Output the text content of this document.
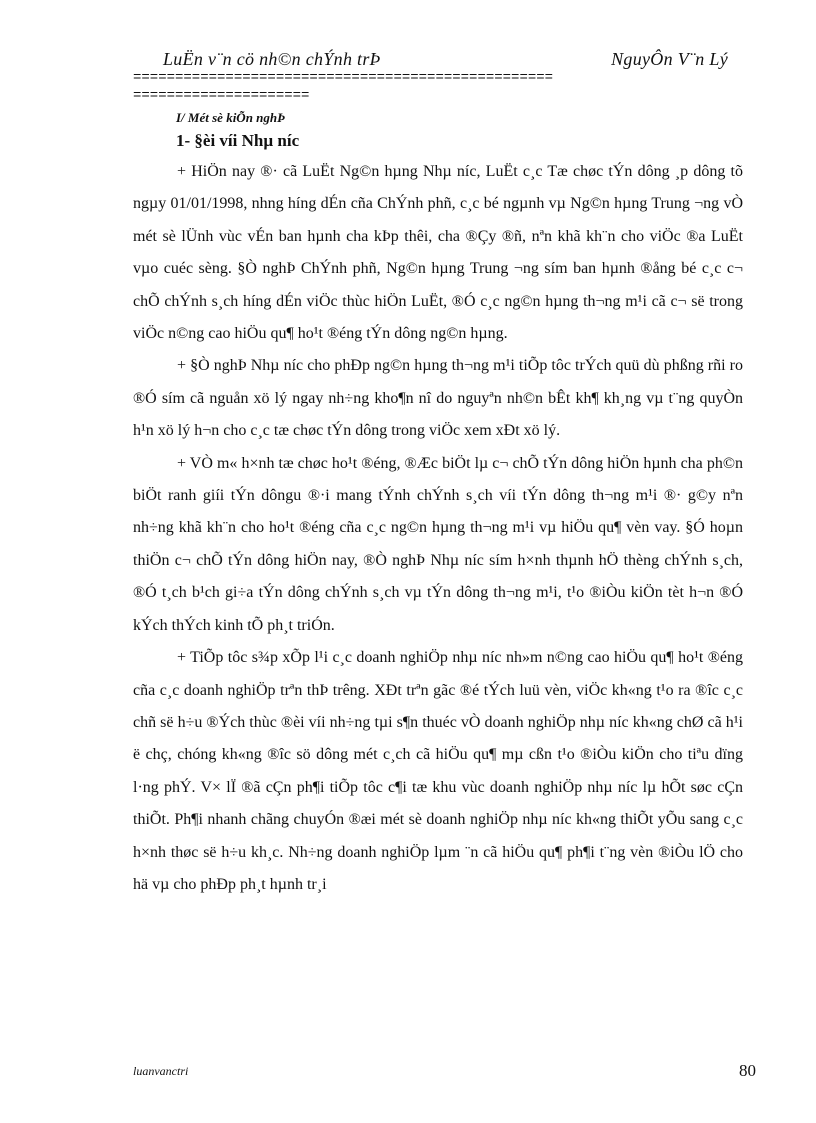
LuËn v¨n cö nh©n chÝnh trÞ	NguyÔn V¨n Lý
==================================================
=====================
I/ Mét sè kiÕn nghÞ
1- §èi víi Nhµ níc

+ HiÖn nay ®· cã LuËt Ng©n hµng Nhµ níc, LuËt c¸c Tæ chøc tÝn dông ¸p dông tõ ngµy 01/01/1998, nhng híng dÉn cña ChÝnh phñ, c¸c bé ngµnh vµ Ng©n hµng Trung ¬ng vÒ mét sè lÜnh vùc vÉn ban hµnh cha kÞp thêi, cha ®Çy ®ñ, nªn khã kh¨n cho viÖc ®a LuËt vµo cuéc sèng. §Ò nghÞ ChÝnh phñ, Ng©n hµng Trung ¬ng sím ban hµnh ®ång bé c¸c c¬ chÕ chÝnh s¸ch híng dÉn viÖc thùc hiÖn LuËt, ®Ó c¸c ng©n hµng th¬ng m¹i cã c¬ së trong viÖc n©ng cao hiÖu qu¶ ho¹t ®éng tÝn dông ng©n hµng.

+ §Ò nghÞ Nhµ níc cho phÐp ng©n hµng th¬ng m¹i tiÕp tôc trÝch quü dù phßng rñi ro ®Ó sím cã nguån xö lý ngay nh÷ng kho¶n nî do nguyªn nh©n bÊt kh¶ kh¸ng vµ t¨ng quyÒn h¹n xö lý h¬n cho c¸c tæ chøc tÝn dông trong viÖc xem xÐt xö lý.

+ VÒ m« h×nh tæ chøc ho¹t ®éng, ®Æc biÖt lµ c¬ chÕ tÝn dông hiÖn hµnh cha ph©n biÖt ranh giíi tÝn dôngu ®·i mang tÝnh chÝnh s¸ch víi tÝn dông th¬ng m¹i ®· g©y nªn nh÷ng khã kh¨n cho ho¹t ®éng cña c¸c ng©n hµng th¬ng m¹i vµ hiÖu qu¶ vèn vay. §Ó hoµn thiÖn c¬ chÕ tÝn dông hiÖn nay, ®Ò nghÞ Nhµ níc sím h×nh thµnh hÖ thèng chÝnh s¸ch, ®Ó t¸ch b¹ch gi÷a tÝn dông chÝnh s¸ch vµ tÝn dông th¬ng m¹i, t¹o ®iÒu kiÖn tèt h¬n ®Ó kÝch thÝch kinh tÕ ph¸t triÓn.

+ TiÕp tôc s¾p xÕp l¹i c¸c doanh nghiÖp nhµ níc nh»m n©ng cao hiÖu qu¶ ho¹t ®éng cña c¸c doanh nghiÖp trªn thÞ trêng. XÐt trªn gãc ®é tÝch luü vèn, viÖc kh«ng t¹o ra ®îc c¸c chñ së h÷u ®Ých thùc ®èi víi nh÷ng tµi s¶n thuéc vÒ doanh nghiÖp nhµ níc kh«ng chØ cã h¹i ë chç, chóng kh«ng ®îc sö dông mét c¸ch cã hiÖu qu¶ mµ cßn t¹o ®iÒu kiÖn cho tiªu dïng l·ng phÝ. V× lÏ ®ã cÇn ph¶i tiÕp tôc c¶i tæ khu vùc doanh nghiÖp nhµ níc lµ hÕt søc cÇn thiÕt. Ph¶i nhanh chãng chuyÓn ®æi mét sè doanh nghiÖp nhµ níc kh«ng thiÕt yÕu sang c¸c h×nh thøc së h÷u kh¸c. Nh÷ng doanh nghiÖp lµm ¨n cã hiÖu qu¶ ph¶i t¨ng vèn ®iÒu lÖ cho hä vµ cho phÐp ph¸t hµnh tr¸i

luanvanctri	80
